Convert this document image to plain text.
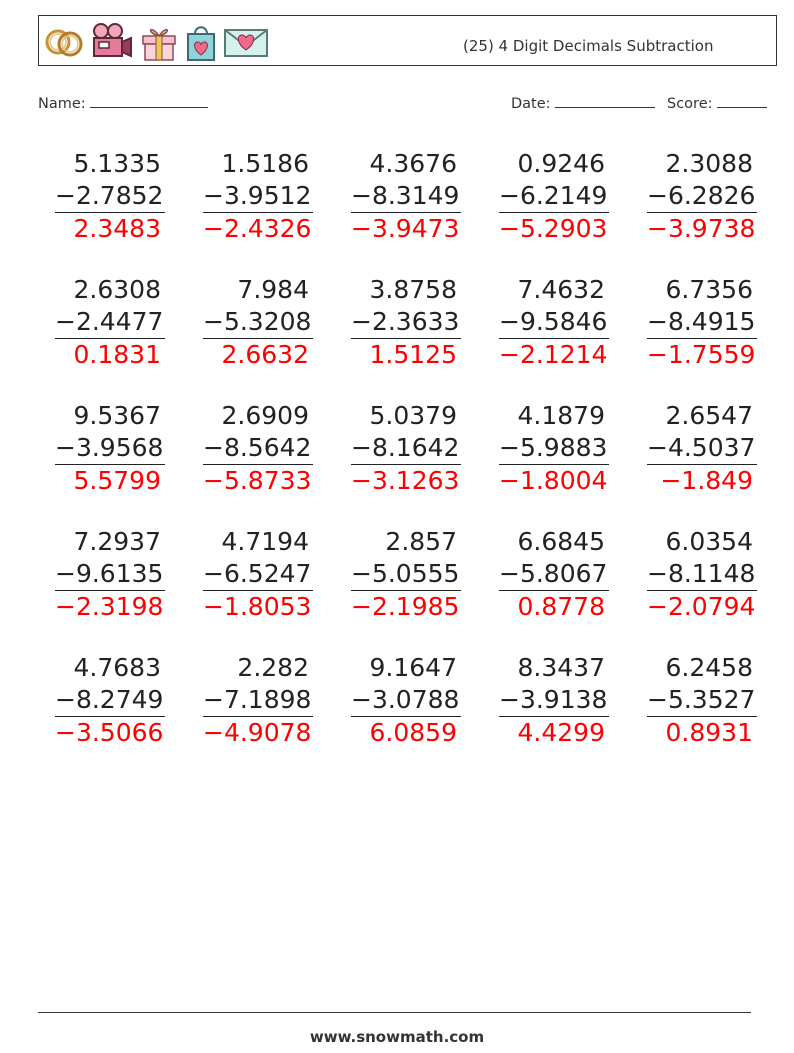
(25) 4 Digit Decimals Subtraction
Name:	Date:	Score:
5.1335
−2.7852
2.3483
1.5186
−3.9512
−2.4326
4.3676
−8.3149
−3.9473
0.9246
−6.2149
−5.2903
2.3088
−6.2826
−3.9738
2.6308
−2.4477
0.1831
7.984
−5.3208
2.6632
3.8758
−2.3633
1.5125
7.4632
−9.5846
−2.1214
6.7356
−8.4915
−1.7559
9.5367
−3.9568
5.5799
2.6909
−8.5642
−5.8733
5.0379
−8.1642
−3.1263
4.1879
−5.9883
−1.8004
2.6547
−4.5037
−1.849
7.2937
−9.6135
−2.3198
4.7194
−6.5247
−1.8053
2.857
−5.0555
−2.1985
6.6845
−5.8067
0.8778
6.0354
−8.1148
−2.0794
4.7683
−8.2749
−3.5066
2.282
−7.1898
−4.9078
9.1647
−3.0788
6.0859
8.3437
−3.9138
4.4299
6.2458
−5.3527
0.8931
www.snowmath.com
